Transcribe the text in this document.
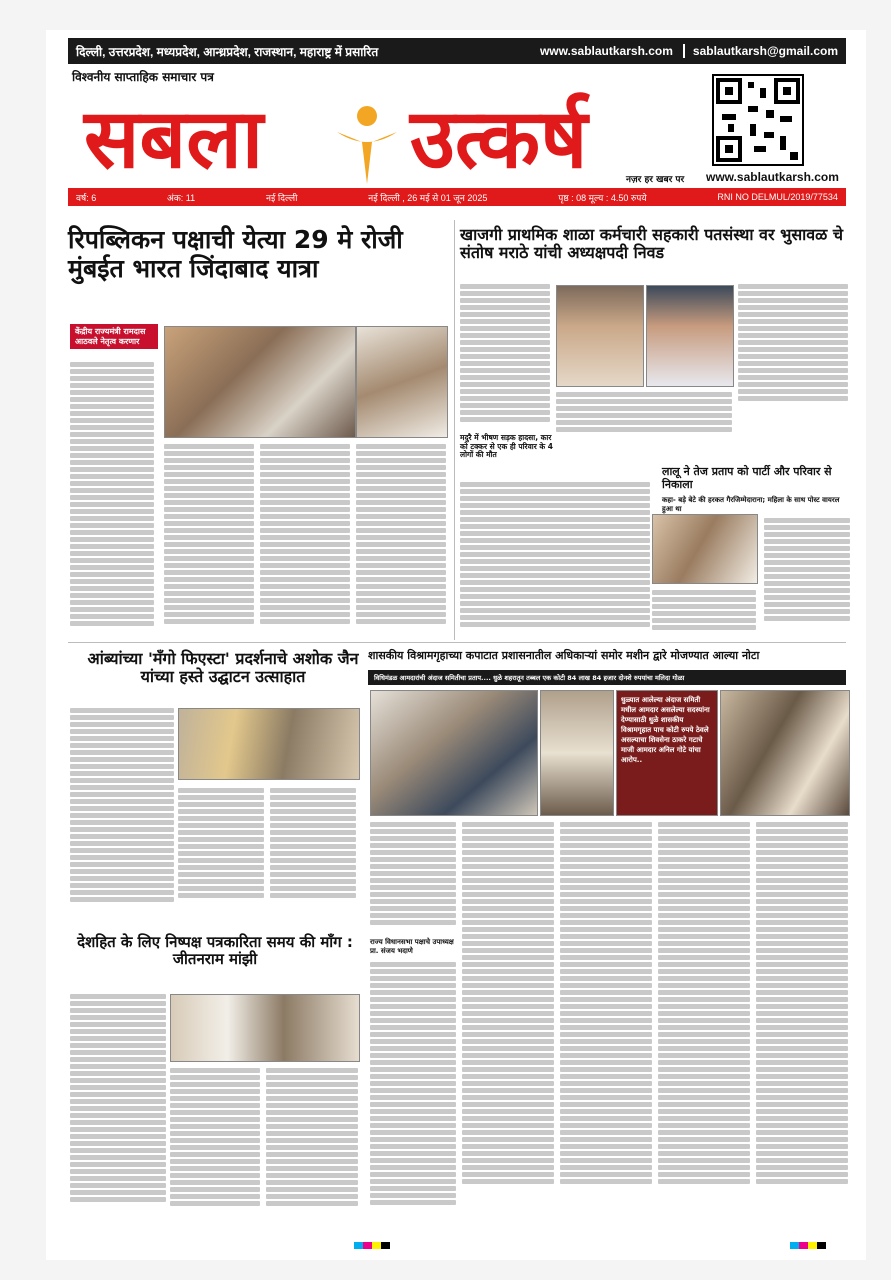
दिल्ली, उत्तरप्रदेश, मध्यप्रदेश, आन्ध्रप्रदेश, राजस्थान, महाराष्ट्र में प्रसारित	www.sablautkarsh.com	sablautkarsh@gmail.com
विश्वनीय साप्ताहिक समाचार पत्र
सबला उत्कर्ष	नज़र हर खबर पर www.sablautkarsh.com
वर्ष: 6	अंक: 11	नई दिल्ली	नई दिल्ली , 26 मई से 01 जून 2025	पृष्ठ : 08 मूल्य : 4.50 रुपये	RNI NO DELMUL/2019/77534
रिपब्लिकन पक्षाची येत्या 29 मे रोजी मुंबईत भारत जिंदाबाद यात्रा
केंद्रीय राज्यमंत्री रामदास आठवले नेतृत्व करणार
खाजगी प्राथमिक शाळा कर्मचारी सहकारी पतसंस्था वर भुसावळ चे संतोष मराठे यांची अध्यक्षपदी निवड
मदुरै में भीषण सड़क हादसा, कार को टक्कर से एक ही परिवार के 4 लोगों की मौत
लालू ने तेज प्रताप को पार्टी और परिवार से निकाला
कहा- बड़े बेटे की हरकत गैरजिम्मेदाराना; महिला के साथ पोस्ट वायरल हुआ था
आंब्यांच्या 'मँगो फिएस्टा' प्रदर्शनाचे अशोक जैन यांच्या हस्ते उद्घाटन उत्साहात
शासकीय विश्रामगृहाच्या कपाटात प्रशासनातील अधिकाऱ्यां समोर मशीन द्वारे मोजण्यात आल्या नोटा
विधिमंडळ आमदारांची अंदाज समितीचा प्रताप.... धुळे शहरातून तब्बल एक कोटी 84 लाख 84 हजार दोनशे रुपयांचा मलिदा गोळा
धुळ्यात आलेल्या अंदाज समिती मधील आमदार असलेल्या सदस्यांना देण्यासाठी धुळे शासकीय विश्रामगृहात पाच कोटी रुपये ठेवले असल्याचा शिवसेना ठाकरे गटाचे माजी आमदार अनिल गोटे यांचा आरोप..
राज्य विधानसभा पक्षाचे उपाध्यक्ष प्रा. संजय भदाणे
देशहित के लिए निष्पक्ष पत्रकारिता समय की माँग : जीतनराम मांझी
